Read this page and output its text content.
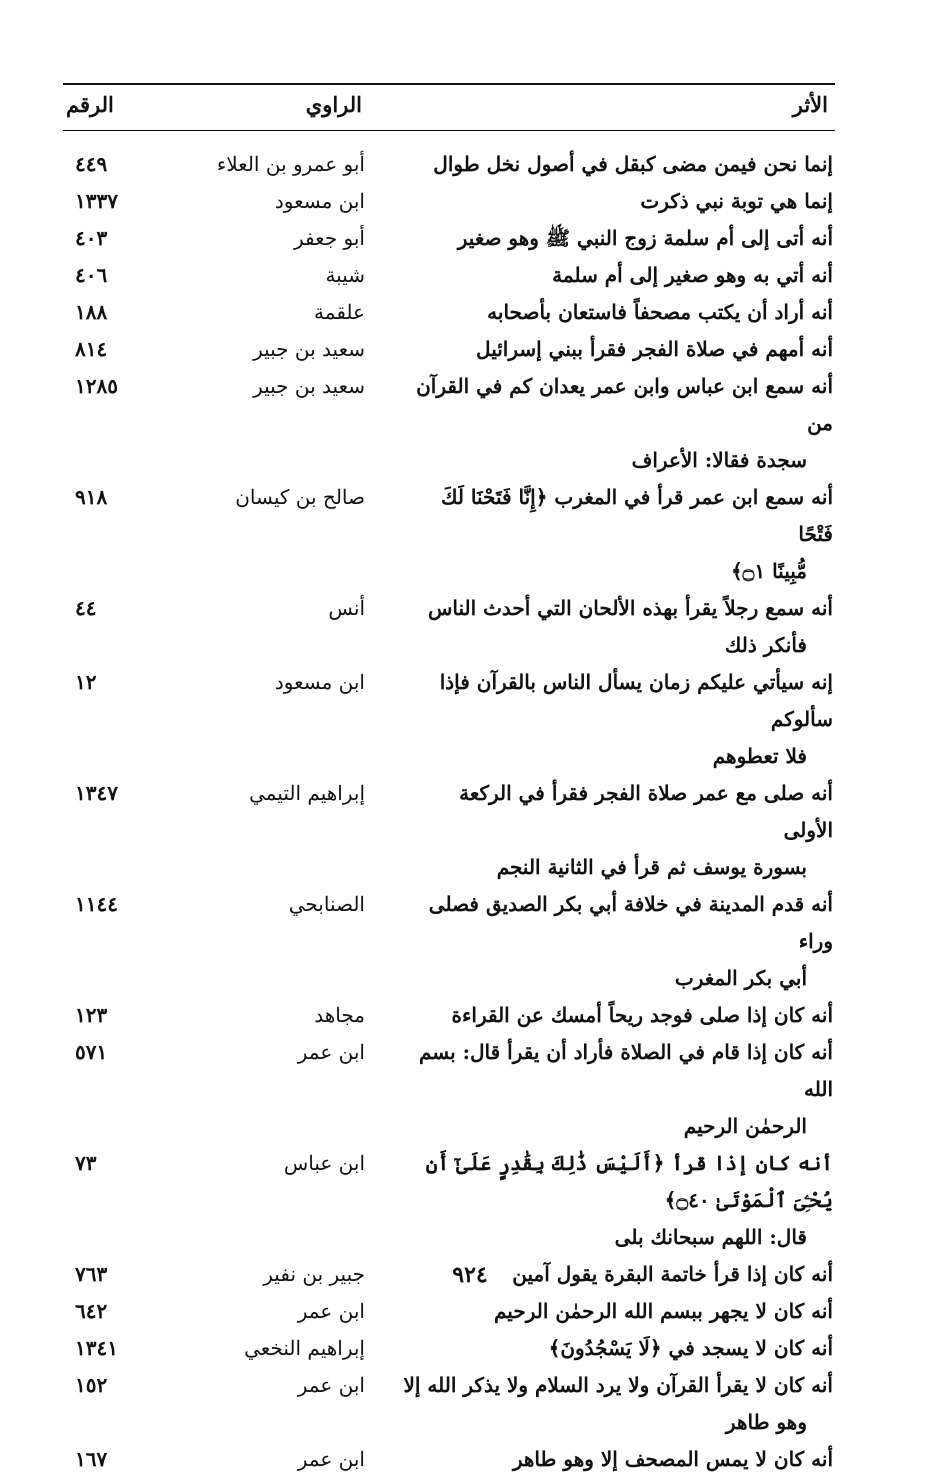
الأثر
الراوي
الرقم
إنما نحن فيمن مضى كبقل في أصول نخل طوال
أبو عمرو بن العلاء
٤٤٩
إنما هي توبة نبي ذكرت
ابن مسعود
١٣٣٧
أنه أتى إلى أم سلمة زوج النبي ﷺ وهو صغير
أبو جعفر
٤٠٣
أنه أتي به وهو صغير إلى أم سلمة
شيبة
٤٠٦
أنه أراد أن يكتب مصحفاً فاستعان بأصحابه
علقمة
١٨٨
أنه أمهم في صلاة الفجر فقرأ ببني إسرائيل
سعيد بن جبير
٨١٤
أنه سمع ابن عباس وابن عمر يعدان كم في القرآن من
سجدة فقالا: الأعراف
سعيد بن جبير
١٢٨٥
أنه سمع ابن عمر قرأ في المغرب ﴿إِنَّا فَتَحْنَا لَكَ فَتْحًا
مُّبِينًا ۝١﴾
صالح بن كيسان
٩١٨
أنه سمع رجلاً يقرأ بهذه الألحان التي أحدث الناس
فأنكر ذلك
أنس
٤٤
إنه سيأتي عليكم زمان يسأل الناس بالقرآن فإذا سألوكم
فلا تعطوهم
ابن مسعود
١٢
أنه صلى مع عمر صلاة الفجر فقرأ في الركعة الأولى
بسورة يوسف ثم قرأ في الثانية النجم
إبراهيم التيمي
١٣٤٧
أنه قدم المدينة في خلافة أبي بكر الصديق فصلى وراء
أبي بكر المغرب
الصنابحي
١١٤٤
أنه كان إذا صلى فوجد ريحاً أمسك عن القراءة
مجاهد
١٢٣
أنه كان إذا قام في الصلاة فأراد أن يقرأ قال: بسم الله
الرحمٰن الرحيم
ابن عمر
٥٧١
أنه كان إذا قرأ ﴿أَلَيْسَ ذَٰلِكَ بِقَٰدِرٍ عَلَىٰٓ أَن يُحْـِۧىَ ٱلْمَوْتَىٰ ۝٤٠﴾
قال: اللهم سبحانك بلى
ابن عباس
٧٣
أنه كان إذا قرأ خاتمة البقرة يقول آمين
جبير بن نفير
٧٦٣
أنه كان لا يجهر ببسم الله الرحمٰن الرحيم
ابن عمر
٦٤٢
أنه كان لا يسجد في ﴿لَا يَسْجُدُونَ﴾
إبراهيم النخعي
١٣٤١
أنه كان لا يقرأ القرآن ولا يرد السلام ولا يذكر الله إلا
وهو طاهر
ابن عمر
١٥٢
أنه كان لا يمس المصحف إلا وهو طاهر
ابن عمر
١٦٧
٩٢٤
